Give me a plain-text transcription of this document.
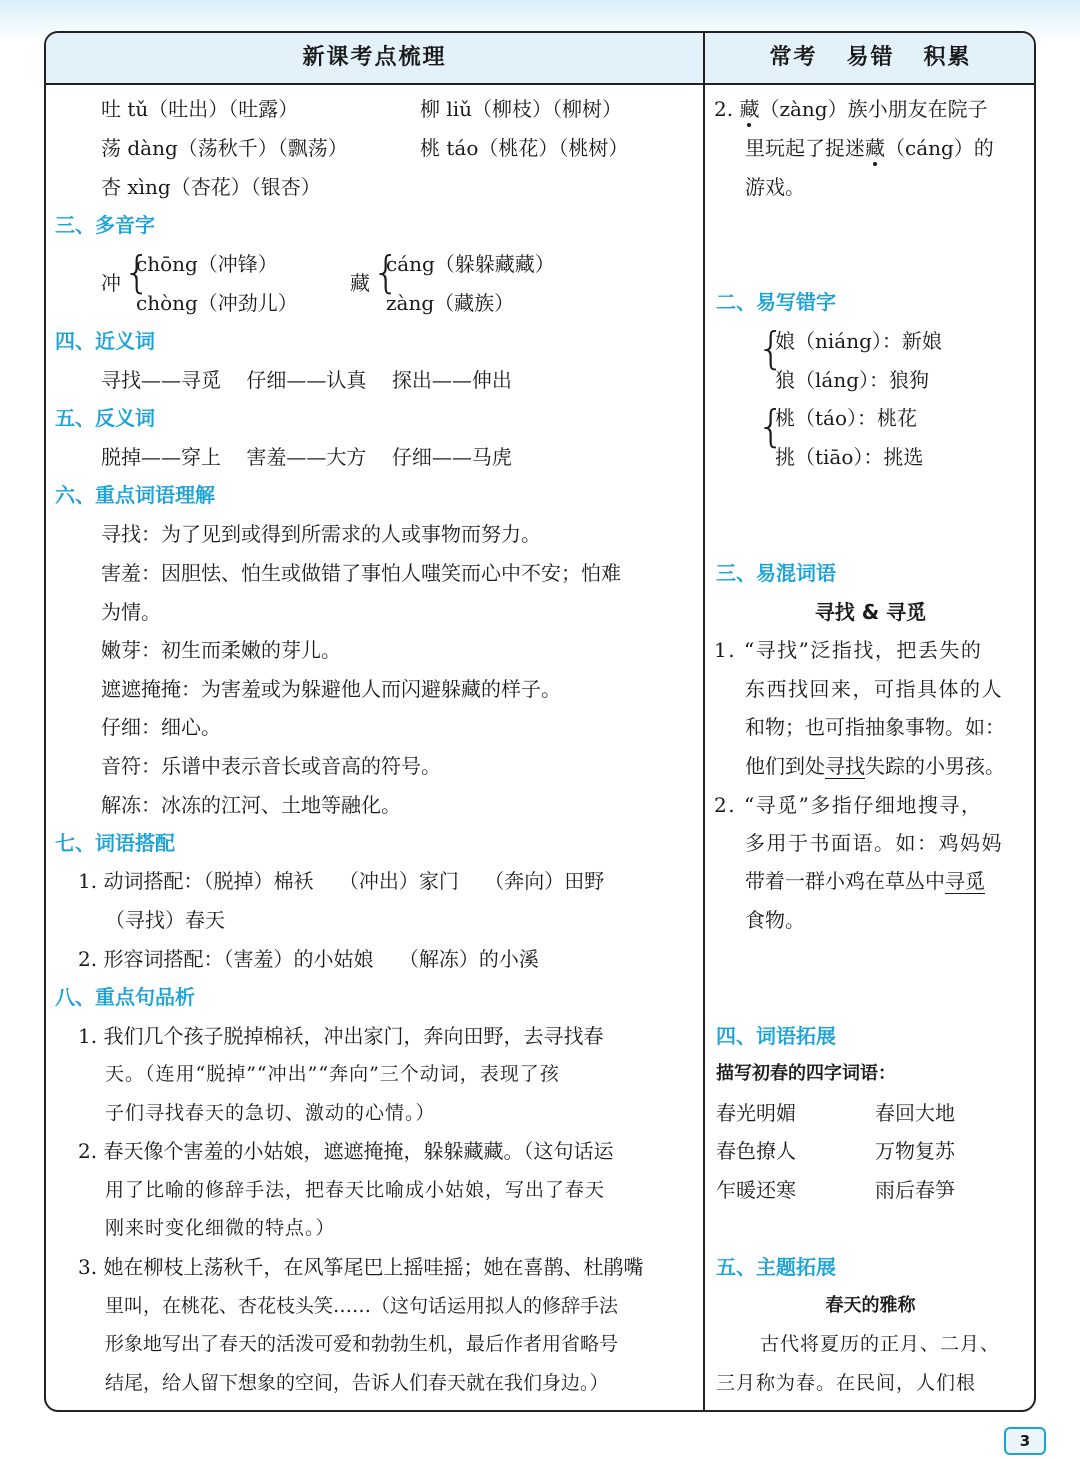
新课考点梳理	常考   易错   积累
吐 tǔ（吐出）（吐露）	柳 liǔ（柳枝）（柳树）
荡 dàng（荡秋千）（飘荡）	桃 táo（桃花）（桃树）
杏 xìng（杏花）（银杏）
三、多音字
冲 {
chōng（冲锋）
chòng（冲劲儿）
藏 {
cáng（躲躲藏藏）
zàng（藏族）
四、近义词
寻找——寻觅    仔细——认真    探出——伸出
五、反义词
脱掉——穿上    害羞——大方    仔细——马虎
六、重点词语理解
寻找：为了见到或得到所需求的人或事物而努力。
害羞：因胆怯、怕生或做错了事怕人嗤笑而心中不安；怕难
为情。
嫩芽：初生而柔嫩的芽儿。
遮遮掩掩：为害羞或为躲避他人而闪避躲藏的样子。
仔细：细心。
音符：乐谱中表示音长或音高的符号。
解冻：冰冻的江河、土地等融化。
七、词语搭配
1. 动词搭配：（脱掉）棉袄    （冲出）家门    （奔向）田野
（寻找）春天
2. 形容词搭配：（害羞）的小姑娘    （解冻）的小溪
八、重点句品析
1. 我们几个孩子脱掉棉袄，冲出家门，奔向田野，去寻找春
天。（连用“脱掉”“冲出”“奔向”三个动词，表现了孩
子们寻找春天的急切、激动的心情。）
2. 春天像个害羞的小姑娘，遮遮掩掩，躲躲藏藏。（这句话运
用了比喻的修辞手法，把春天比喻成小姑娘，写出了春天
刚来时变化细微的特点。）
3. 她在柳枝上荡秋千，在风筝尾巴上摇哇摇；她在喜鹊、杜鹃嘴
里叫，在桃花、杏花枝头笑……（这句话运用拟人的修辞手法
形象地写出了春天的活泼可爱和勃勃生机，最后作者用省略号
结尾，给人留下想象的空间，告诉人们春天就在我们身边。）
2. 藏（zàng）族小朋友在院子
里玩起了捉迷藏（cáng）的
游戏。
二、易写错字
{
娘（niáng）：新娘
狼（láng）：狼狗
{
桃（táo）：桃花
挑（tiāo）：挑选
三、易混词语
寻找 & 寻觅
1. “寻找”泛指找，把丢失的
东西找回来，可指具体的人
和物；也可指抽象事物。如：
他们到处寻找失踪的小男孩。
2. “寻觅”多指仔细地搜寻，
多用于书面语。如：鸡妈妈
带着一群小鸡在草丛中寻觅
食物。
四、词语拓展
描写初春的四字词语：
春光明媚	春回大地
春色撩人	万物复苏
乍暖还寒	雨后春笋
五、主题拓展
春天的雅称
古代将夏历的正月、二月、
三月称为春。在民间，人们根
3
